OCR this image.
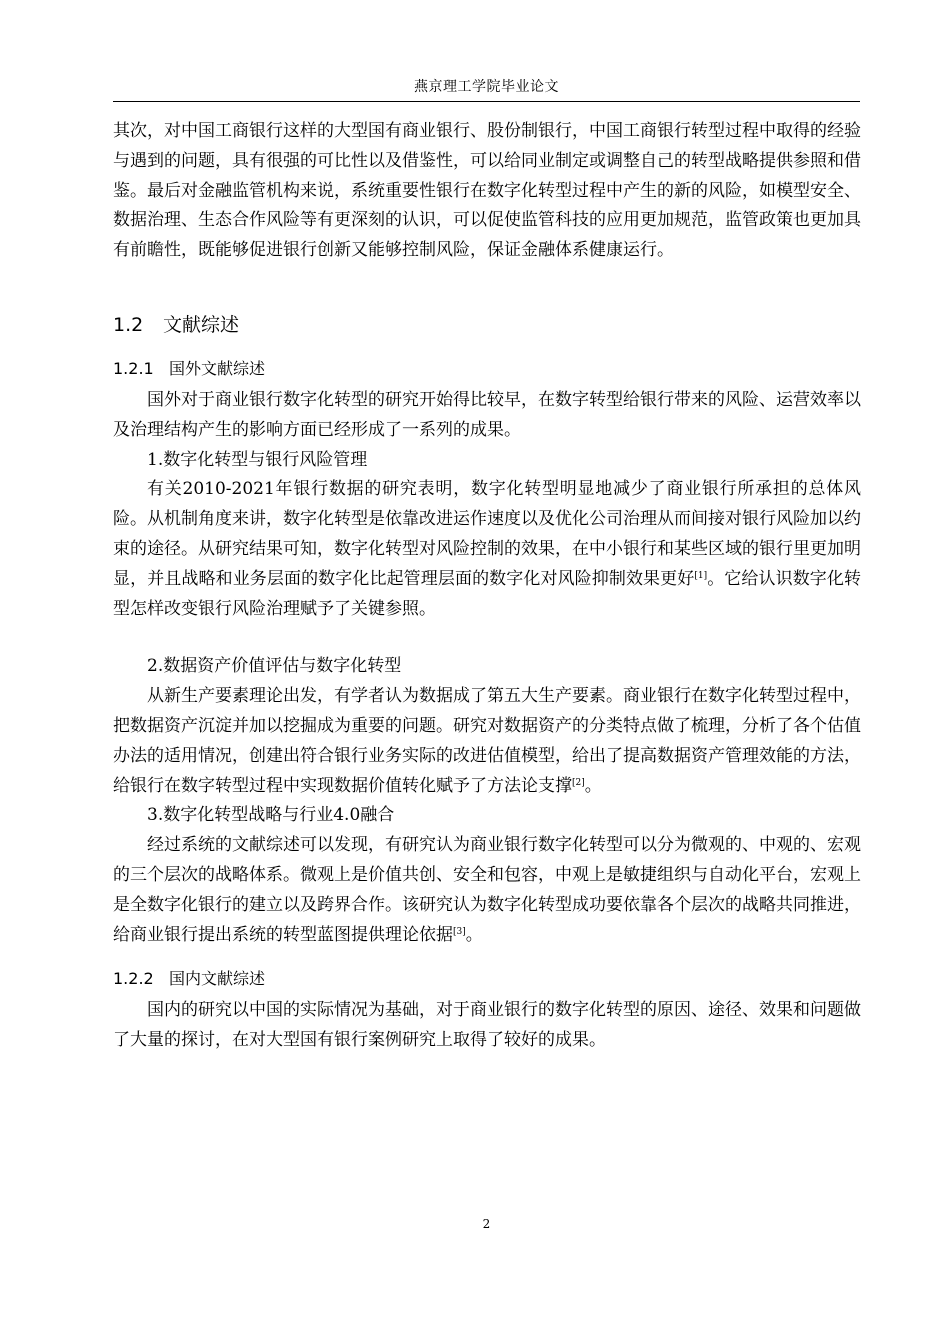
燕京理工学院毕业论文

其次，对中国工商银行这样的大型国有商业银行、股份制银行，中国工商银行转型过程中取得的经验与遇到的问题，具有很强的可比性以及借鉴性，可以给同业制定或调整自己的转型战略提供参照和借鉴。最后对金融监管机构来说，系统重要性银行在数字化转型过程中产生的新的风险，如模型安全、数据治理、生态合作风险等有更深刻的认识，可以促使监管科技的应用更加规范，监管政策也更加具有前瞻性，既能够促进银行创新又能够控制风险，保证金融体系健康运行。

1.2 文献综述
1.2.1 国外文献综述

国外对于商业银行数字化转型的研究开始得比较早，在数字转型给银行带来的风险、运营效率以及治理结构产生的影响方面已经形成了一系列的成果。

1.数字化转型与银行风险管理

有关2010-2021年银行数据的研究表明，数字化转型明显地减少了商业银行所承担的总体风险。从机制角度来讲，数字化转型是依靠改进运作速度以及优化公司治理从而间接对银行风险加以约束的途径。从研究结果可知，数字化转型对风险控制的效果，在中小银行和某些区域的银行里更加明显，并且战略和业务层面的数字化比起管理层面的数字化对风险抑制效果更好[1]。它给认识数字化转型怎样改变银行风险治理赋予了关键参照。

2.数据资产价值评估与数字化转型

从新生产要素理论出发，有学者认为数据成了第五大生产要素。商业银行在数字化转型过程中，把数据资产沉淀并加以挖掘成为重要的问题。研究对数据资产的分类特点做了梳理，分析了各个估值办法的适用情况，创建出符合银行业务实际的改进估值模型，给出了提高数据资产管理效能的方法，给银行在数字转型过程中实现数据价值转化赋予了方法论支撑[2]。

3.数字化转型战略与行业4.0融合

经过系统的文献综述可以发现，有研究认为商业银行数字化转型可以分为微观的、中观的、宏观的三个层次的战略体系。微观上是价值共创、安全和包容，中观上是敏捷组织与自动化平台，宏观上是全数字化银行的建立以及跨界合作。该研究认为数字化转型成功要依靠各个层次的战略共同推进，给商业银行提出系统的转型蓝图提供理论依据[3]。

1.2.2 国内文献综述

国内的研究以中国的实际情况为基础，对于商业银行的数字化转型的原因、途径、效果和问题做了大量的探讨，在对大型国有银行案例研究上取得了较好的成果。

2
